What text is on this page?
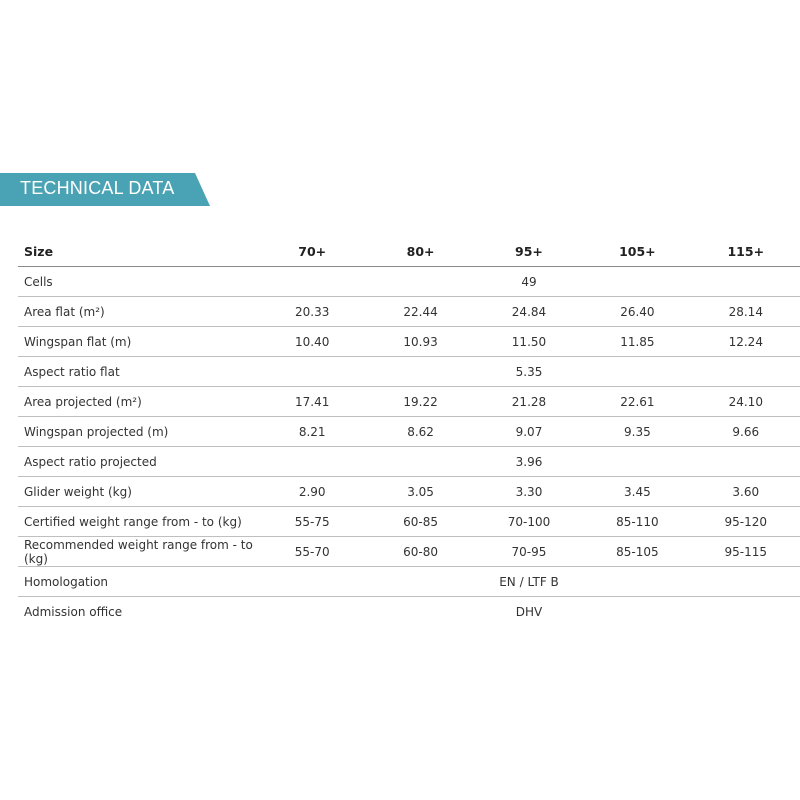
TECHNICAL DATA
Size	70+	80+	95+	105+	115+
Cells	49				
Area flat (m²)	20.33	22.44	24.84	26.40	28.14
Wingspan flat (m)	10.40	10.93	11.50	11.85	12.24
Aspect ratio flat	5.35				
Area projected (m²)	17.41	19.22	21.28	22.61	24.10
Wingspan projected (m)	8.21	8.62	9.07	9.35	9.66
Aspect ratio projected	3.96				
Glider weight (kg)	2.90	3.05	3.30	3.45	3.60
Certified weight range from - to (kg)	55-75	60-85	70-100	85-110	95-120
Recommended weight range from - to (kg)	55-70	60-80	70-95	85-105	95-115
Homologation	EN / LTF B				
Admission office	DHV				
